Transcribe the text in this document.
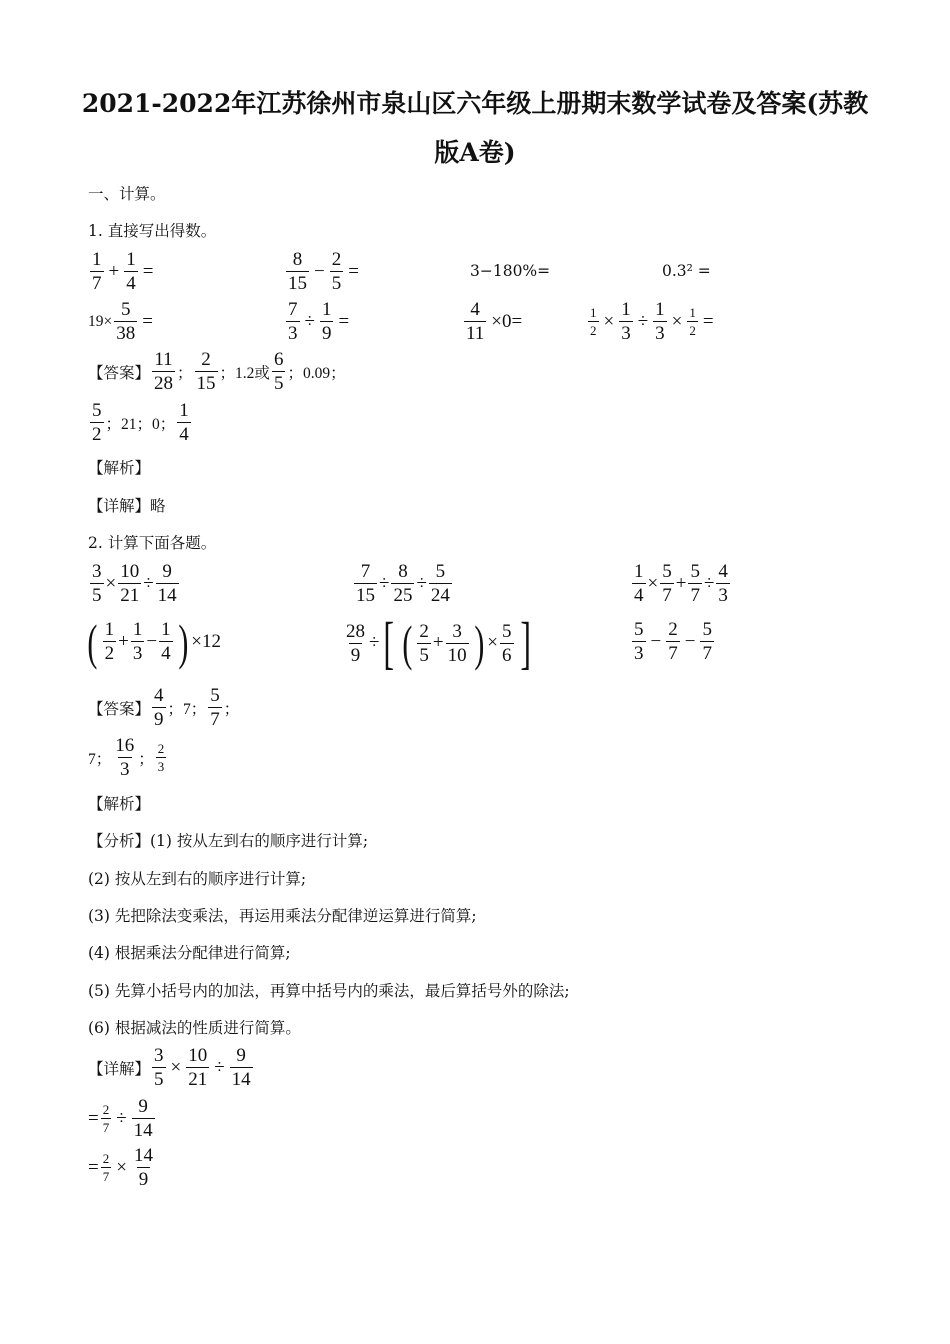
2021-2022年江苏徐州市泉山区六年级上册期末数学试卷及答案(苏教
版A卷)
一、计算。
1. 直接写出得数。
$\frac{1}{7} + \frac{1}{4}$ =	$\frac{8}{15} - \frac{2}{5}$ =	3−180%=	0.3² =
$19\times \frac{5}{38}$ =	$\frac{7}{3} \div \frac{1}{9}$ =	$\frac{4}{11} \times 0=$	$\frac{1}{2} \times \frac{1}{3} \div \frac{1}{3} \times \frac{1}{2}$ =
【答案】 $\frac{11}{28}$ ； $\frac{2}{15}$ ； 1.2或 $\frac{6}{5}$ ； 0.09；
$\frac{5}{2}$ ； 21； 0； $\frac{1}{4}$
【解析】
【详解】略
2. 计算下面各题。
$\frac{3}{5} \times \frac{10}{21} \div \frac{9}{14}$	$\frac{7}{15} \div \frac{8}{25} \div \frac{5}{24}$	$\frac{1}{4} \times \frac{5}{7} + \frac{5}{7} \div \frac{4}{3}$
( $\frac{1}{2} + \frac{1}{3} - \frac{1}{4}$ ) ×12	$\frac{28}{9}$ ÷ [ ( $\frac{2}{5} + \frac{3}{10}$ ) × $\frac{5}{6}$ ]	$\frac{5}{3} - \frac{2}{7} - \frac{5}{7}$
【答案】 $\frac{4}{9}$ ； 7； $\frac{5}{7}$ ；
7； $\frac{16}{3}$ ； $\frac{2}{3}$
【解析】
【分析】(1) 按从左到右的顺序进行计算;
(2) 按从左到右的顺序进行计算;
(3) 先把除法变乘法，再运用乘法分配律逆运算进行简算;
(4) 根据乘法分配律进行简算;
(5) 先算小括号内的加法，再算中括号内的乘法，最后算括号外的除法;
(6) 根据减法的性质进行简算。
【详解】 $\frac{3}{5} \times \frac{10}{21} \div \frac{9}{14}$
= $\frac{2}{7} \div \frac{9}{14}$
= $\frac{2}{7} \times \frac{14}{9}$
